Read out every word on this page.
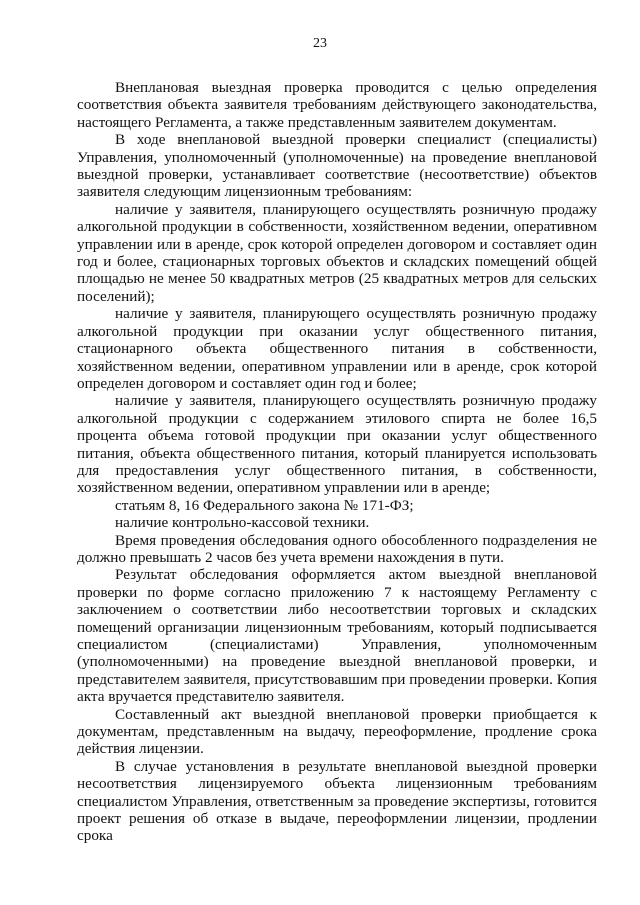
23

Внеплановая выездная проверка проводится с целью определения соответствия объекта заявителя требованиям действующего законодательства, настоящего Регламента, а также представленным заявителем документам.

В ходе внеплановой выездной проверки специалист (специалисты) Управления, уполномоченный (уполномоченные) на проведение внеплановой выездной проверки, устанавливает соответствие (несоответствие) объектов заявителя следующим лицензионным требованиям:

наличие у заявителя, планирующего осуществлять розничную продажу алкогольной продукции в собственности, хозяйственном ведении, оперативном управлении или в аренде, срок которой определен договором и составляет один год и более, стационарных торговых объектов и складских помещений общей площадью не менее 50 квадратных метров (25 квадратных метров для сельских поселений);

наличие у заявителя, планирующего осуществлять розничную продажу алкогольной продукции при оказании услуг общественного питания, стационарного объекта общественного питания в собственности, хозяйственном ведении, оперативном управлении или в аренде, срок которой определен договором и составляет один год и более;

наличие у заявителя, планирующего осуществлять розничную продажу алкогольной продукции с содержанием этилового спирта не более 16,5 процента объема готовой продукции при оказании услуг общественного питания, объекта общественного питания, который планируется использовать для предоставления услуг общественного питания, в собственности, хозяйственном ведении, оперативном управлении или в аренде;

статьям 8, 16 Федерального закона № 171-ФЗ;

наличие контрольно-кассовой техники.

Время проведения обследования одного обособленного подразделения не должно превышать 2 часов без учета времени нахождения в пути.

Результат обследования оформляется актом выездной внеплановой проверки по форме согласно приложению 7 к настоящему Регламенту с заключением о соответствии либо несоответствии торговых и складских помещений организации лицензионным требованиям, который подписывается специалистом (специалистами) Управления, уполномоченным (уполномоченными) на проведение выездной внеплановой проверки, и представителем заявителя, присутствовавшим при проведении проверки. Копия акта вручается представителю заявителя.

Составленный акт выездной внеплановой проверки приобщается к документам, представленным на выдачу, переоформление, продление срока действия лицензии.

В случае установления в результате внеплановой выездной проверки несоответствия лицензируемого объекта лицензионным требованиям специалистом Управления, ответственным за проведение экспертизы, готовится проект решения об отказе в выдаче, переоформлении лицензии, продлении срока
